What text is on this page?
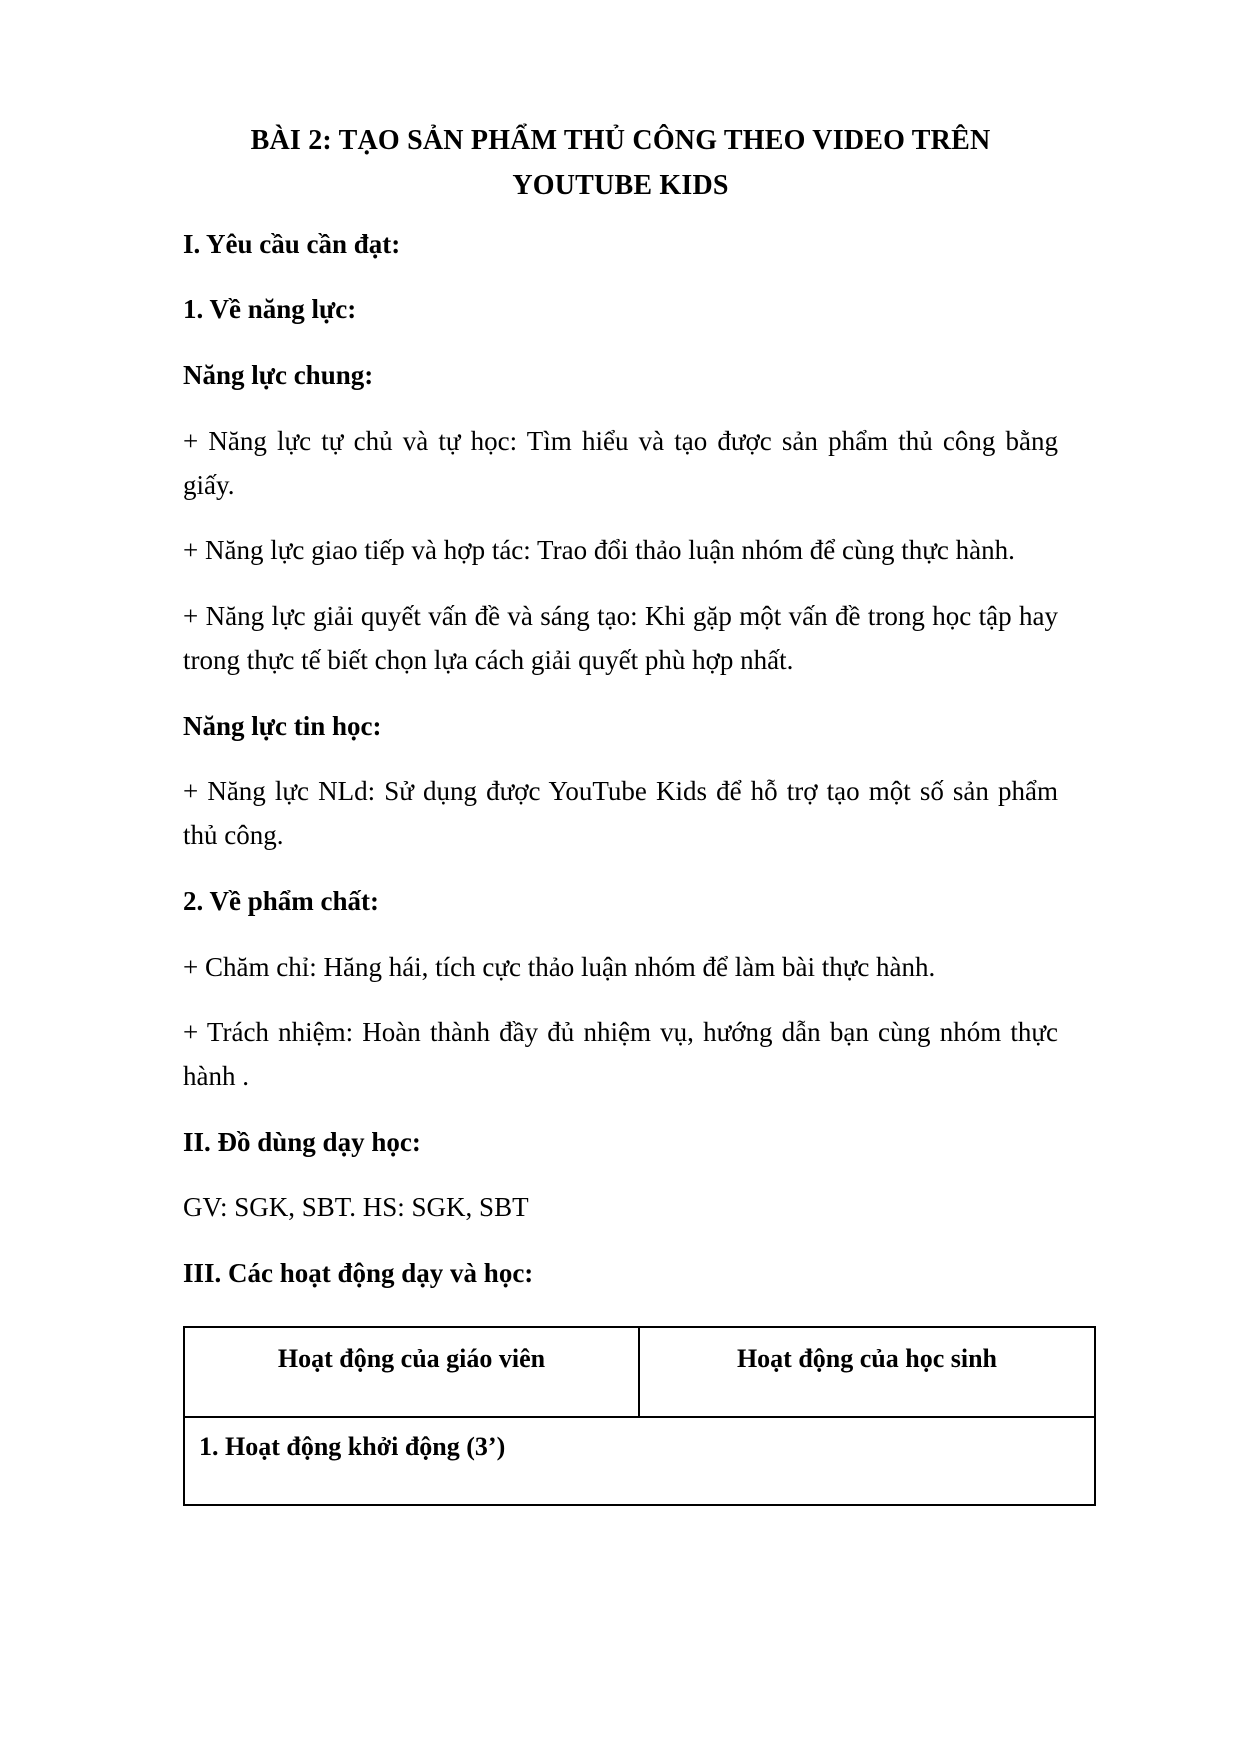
BÀI 2: TẠO SẢN PHẨM THỦ CÔNG THEO VIDEO TRÊN
YOUTUBE KIDS

I. Yêu cầu cần đạt:

1. Về năng lực:

Năng lực chung:

+ Năng lực tự chủ và tự học: Tìm hiểu và tạo được sản phẩm thủ công bằng giấy.

+ Năng lực giao tiếp và hợp tác: Trao đổi thảo luận nhóm để cùng thực hành.

+ Năng lực giải quyết vấn đề và sáng tạo: Khi gặp một vấn đề trong học tập hay trong thực tế biết chọn lựa cách giải quyết phù hợp nhất.

Năng lực tin học:

+ Năng lực NLd: Sử dụng được YouTube Kids để hỗ trợ tạo một số sản phẩm thủ công.

2. Về phẩm chất:

+ Chăm chỉ: Hăng hái, tích cực thảo luận nhóm để làm bài thực hành.

+ Trách nhiệm: Hoàn thành đầy đủ nhiệm vụ, hướng dẫn bạn cùng nhóm thực hành .

II. Đồ dùng dạy học:

GV: SGK, SBT. HS: SGK, SBT

III. Các hoạt động dạy và học:

Hoạt động của giáo viên	Hoạt động của học sinh
1. Hoạt động khởi động (3’)
